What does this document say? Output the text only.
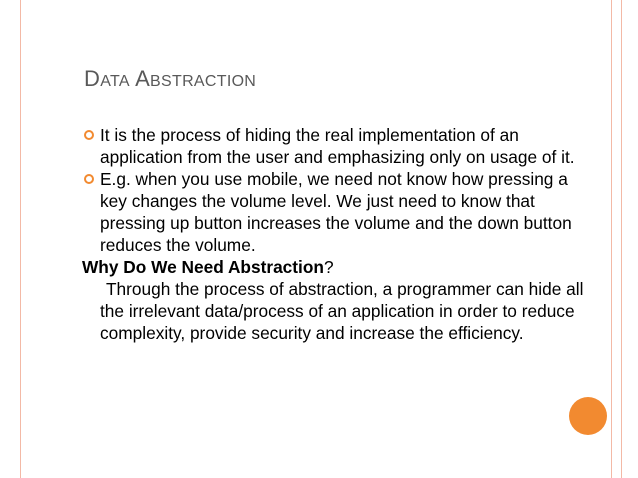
DATA ABSTRACTION
It is the process of hiding the real implementation of an application from the user and emphasizing only on usage of it.
E.g. when you use mobile, we need not know how pressing a key changes the volume level. We just need to know that pressing up button increases the volume and the down button reduces the volume.
Why Do We Need Abstraction?
Through the process of abstraction, a programmer can hide all the irrelevant data/process of an application in order to reduce complexity, provide security and increase the efficiency.
